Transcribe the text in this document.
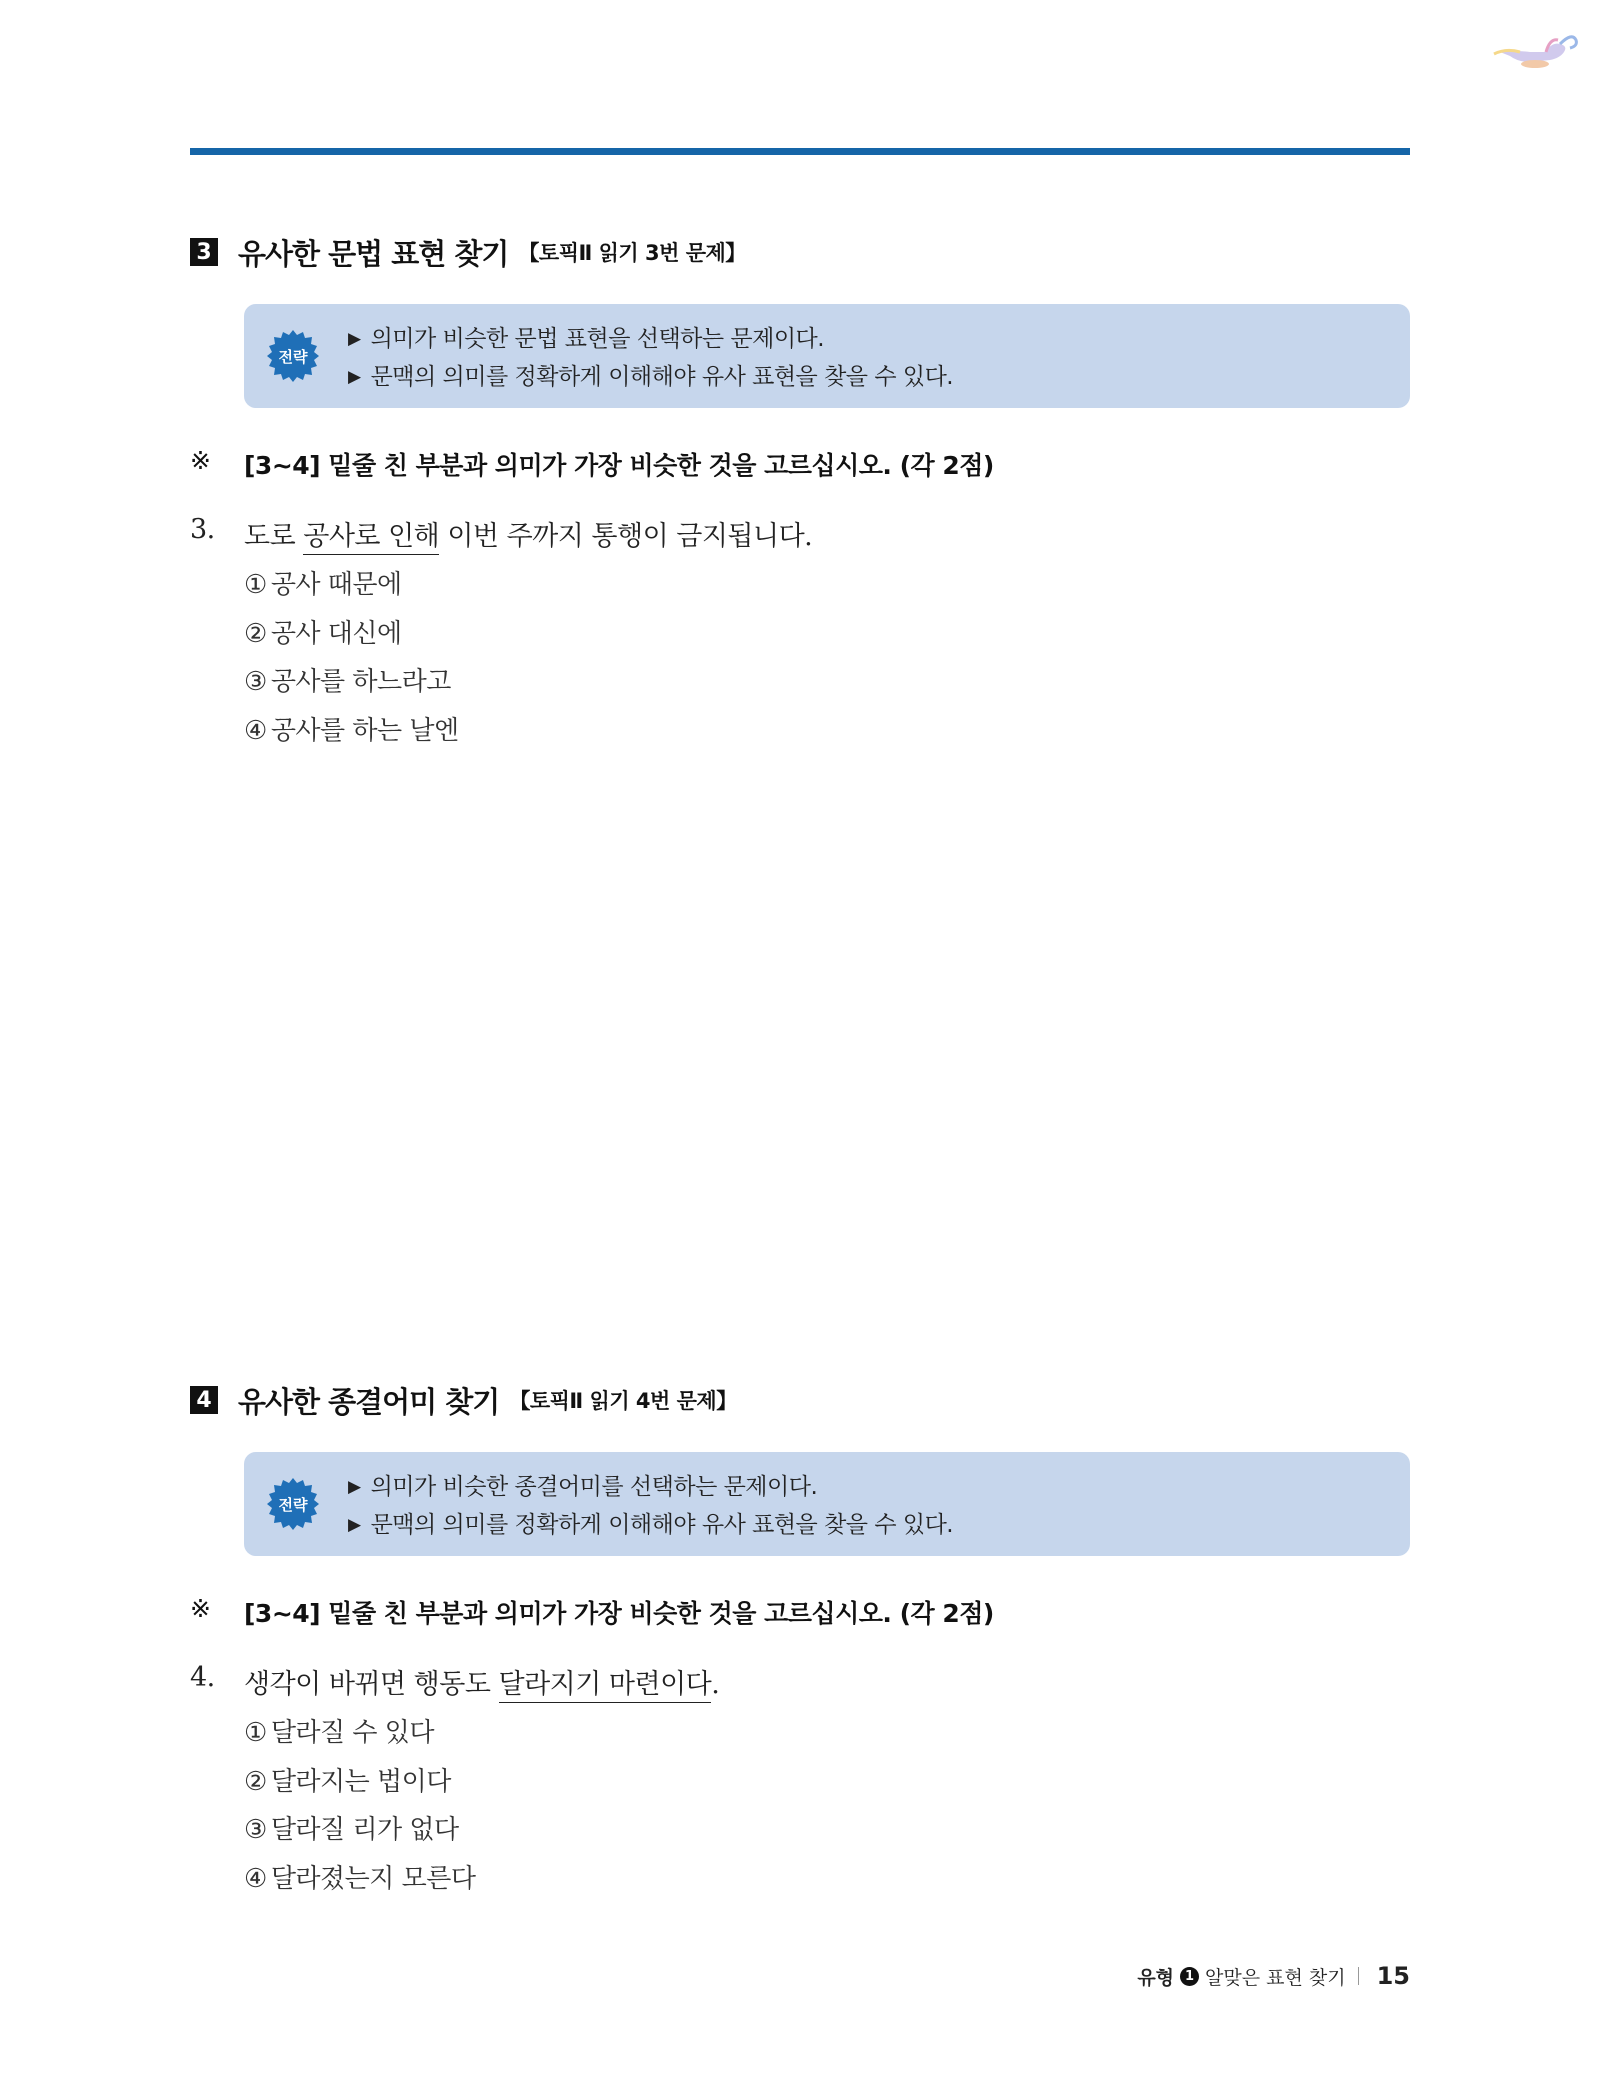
3 유사한 문법 표현 찾기 【토픽Ⅱ 읽기 3번 문제】
전략
▶ 의미가 비슷한 문법 표현을 선택하는 문제이다.
▶ 문맥의 의미를 정확하게 이해해야 유사 표현을 찾을 수 있다.
※	[3~4] 밑줄 친 부분과 의미가 가장 비슷한 것을 고르십시오. (각 2점)
3.	도로 공사로 인해 이번 주까지 통행이 금지됩니다.
① 공사 때문에
② 공사 대신에
③ 공사를 하느라고
④ 공사를 하는 날엔
4 유사한 종결어미 찾기 【토픽Ⅱ 읽기 4번 문제】
전략
▶ 의미가 비슷한 종결어미를 선택하는 문제이다.
▶ 문맥의 의미를 정확하게 이해해야 유사 표현을 찾을 수 있다.
※	[3~4] 밑줄 친 부분과 의미가 가장 비슷한 것을 고르십시오. (각 2점)
4.	생각이 바뀌면 행동도 달라지기 마련이다.
① 달라질 수 있다
② 달라지는 법이다
③ 달라질 리가 없다
④ 달라졌는지 모른다
유형 1 알맞은 표현 찾기 15
